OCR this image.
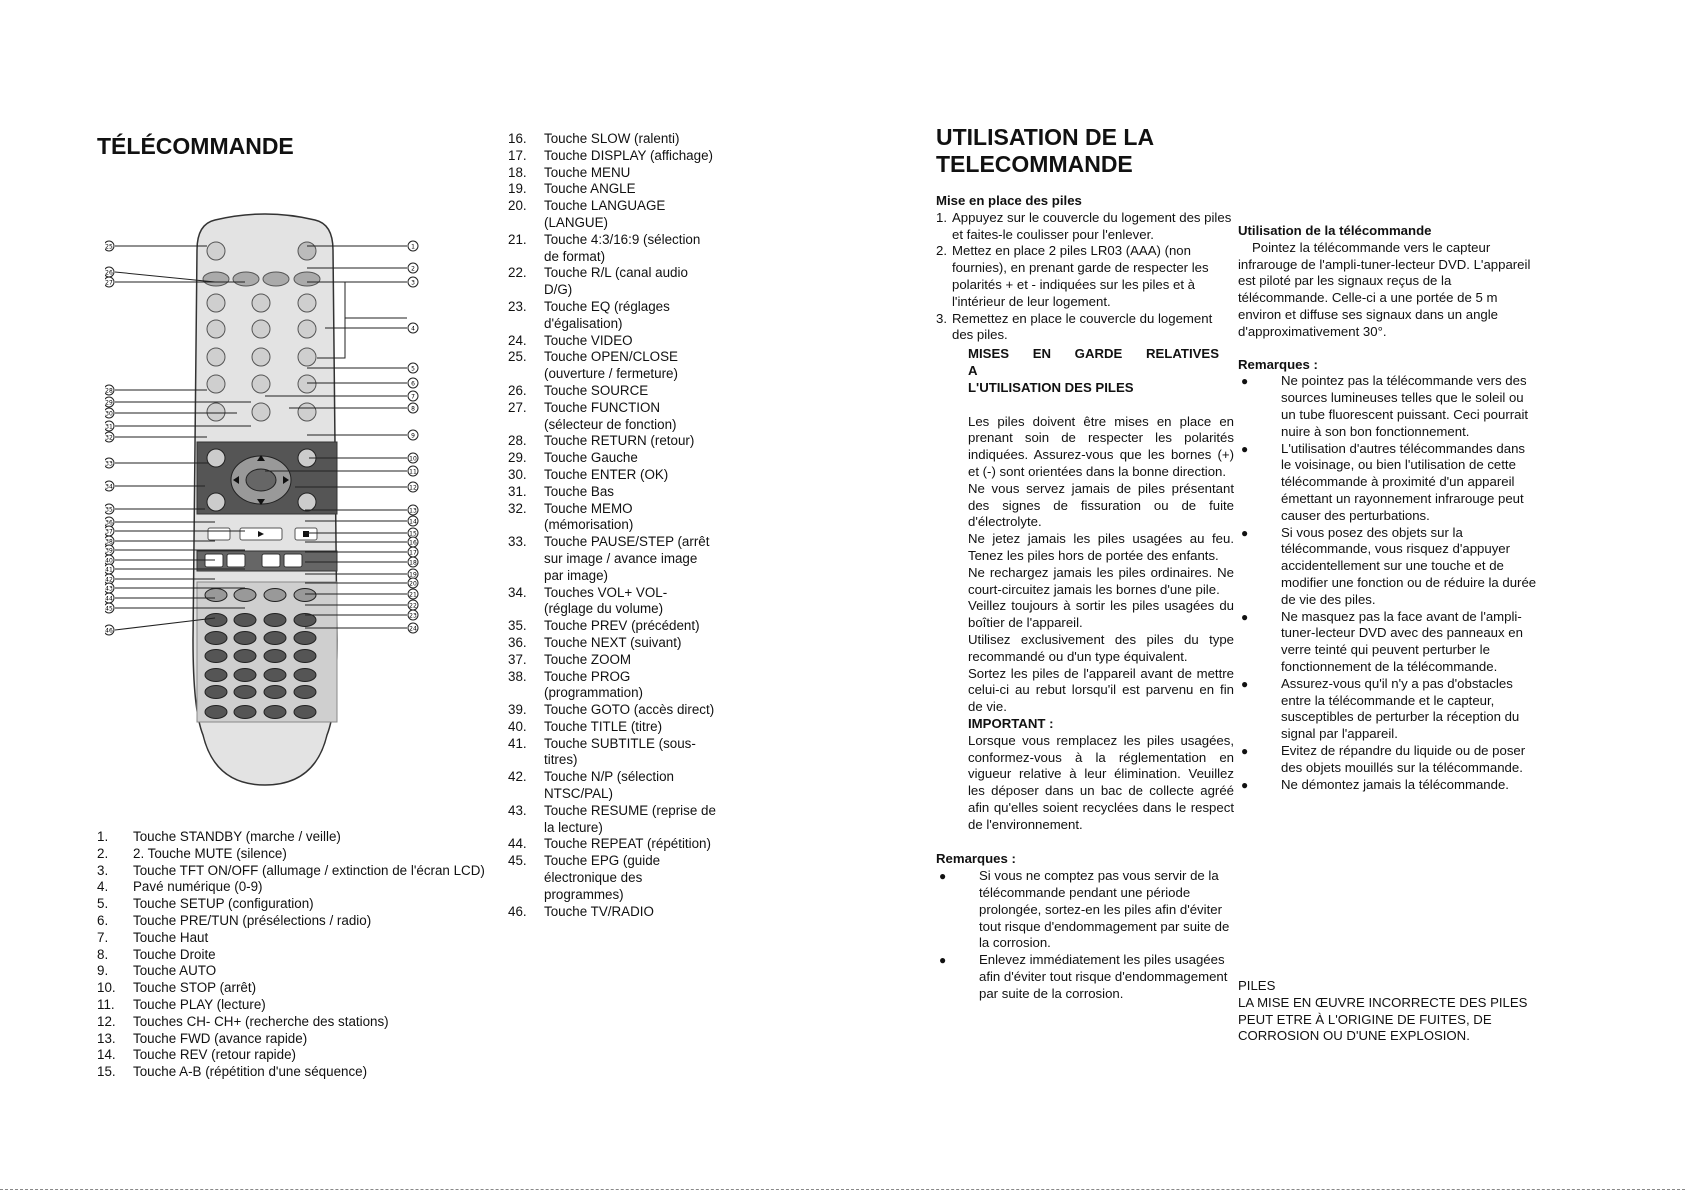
TÉLÉCOMMANDE
25
26
27
28
29
30
31
32
33
34
35
36
37
38
39
40
41
42
43
44
45
46
1
2
3
4
5
6
7
8
9
10
11
12
13
14
15
16
17
18
19
20
21
22
23
24
1.	Touche STANDBY (marche / veille)
2.	2. Touche MUTE (silence)
3.	Touche TFT ON/OFF (allumage / extinction de l'écran LCD)
4.	Pavé numérique (0-9)
5.	Touche SETUP (configuration)
6.	Touche PRE/TUN (présélections / radio)
7.	Touche Haut
8.	Touche Droite
9.	Touche AUTO
10.	Touche STOP (arrêt)
11.	Touche PLAY (lecture)
12.	Touches CH- CH+ (recherche des stations)
13.	Touche FWD (avance rapide)
14.	Touche REV (retour rapide)
15.	Touche A-B (répétition d'une séquence)
16.	Touche SLOW (ralenti)
17.	Touche DISPLAY (affichage)
18.	Touche MENU
19.	Touche ANGLE
20.	Touche LANGUAGE (LANGUE)
21.	Touche 4:3/16:9 (sélection de format)
22.	Touche R/L (canal audio D/G)
23.	Touche EQ (réglages d'égalisation)
24.	Touche VIDEO
25.	Touche OPEN/CLOSE (ouverture / fermeture)
26.	Touche SOURCE
27.	Touche FUNCTION (sélecteur de fonction)
28.	Touche RETURN (retour)
29.	Touche Gauche
30.	Touche ENTER (OK)
31.	Touche Bas
32.	Touche MEMO (mémorisation)
33.	Touche PAUSE/STEP (arrêt sur image / avance image par image)
34.	Touches VOL+ VOL- (réglage du volume)
35.	Touche PREV (précédent)
36.	Touche NEXT (suivant)
37.	Touche ZOOM
38.	Touche PROG (programmation)
39.	Touche GOTO (accès direct)
40.	Touche TITLE (titre)
41.	Touche SUBTITLE (sous-titres)
42.	Touche N/P (sélection NTSC/PAL)
43.	Touche RESUME (reprise de la lecture)
44.	Touche REPEAT (répétition)
45.	Touche EPG (guide électronique des programmes)
46.	Touche TV/RADIO
UTILISATION DE LA
TELECOMMANDE
Mise en place des piles
1. Appuyez sur le couvercle du logement des piles et faites-le coulisser pour l'enlever.
2. Mettez en place 2 piles LR03 (AAA) (non fournies), en prenant garde de respecter les polarités + et - indiquées sur les piles et à l'intérieur de leur logement.
3. Remettez en place le couvercle du logement des piles.
MISES EN GARDE RELATIVES A
L'UTILISATION DES PILES
Les piles doivent être mises en place en prenant soin de respecter les polarités indiquées. Assurez-vous que les bornes (+) et (-) sont orientées dans la bonne direction.
Ne vous servez jamais de piles présentant des signes de fissuration ou de fuite d'électrolyte.
Ne jetez jamais les piles usagées au feu. Tenez les piles hors de portée des enfants.
Ne rechargez jamais les piles ordinaires. Ne court-circuitez jamais les bornes d'une pile.
Veillez toujours à sortir les piles usagées du boîtier de l'appareil.
Utilisez exclusivement des piles du type recommandé ou d'un type équivalent.
Sortez les piles de l'appareil avant de mettre celui-ci au rebut lorsqu'il est parvenu en fin de vie.
IMPORTANT :
Lorsque vous remplacez les piles usagées, conformez-vous à la réglementation en vigueur relative à leur élimination. Veuillez les déposer dans un bac de collecte agréé afin qu'elles soient recyclées dans le respect de l'environnement.
Remarques :
●	Si vous ne comptez pas vous servir de la télécommande pendant une période prolongée, sortez-en les piles afin d'éviter tout risque d'endommagement par suite de la corrosion.
●	Enlevez immédiatement les piles usagées afin d'éviter tout risque d'endommagement par suite de la corrosion.
Utilisation de la télécommande
Pointez la télécommande vers le capteur infrarouge de l'ampli-tuner-lecteur DVD. L'appareil est piloté par les signaux reçus de la télécommande. Celle-ci a une portée de 5 m environ et diffuse ses signaux dans un angle d'approximativement 30°.
Remarques :
●	Ne pointez pas la télécommande vers des sources lumineuses telles que le soleil ou un tube fluorescent puissant. Ceci pourrait nuire à son bon fonctionnement.
●	L'utilisation d'autres télécommandes dans le voisinage, ou bien l'utilisation de cette télécommande à proximité d'un appareil émettant un rayonnement infrarouge peut causer des perturbations.
●	Si vous posez des objets sur la télécommande, vous risquez d'appuyer accidentellement sur une touche et de modifier une fonction ou de réduire la durée de vie des piles.
●	Ne masquez pas la face avant de l'ampli-tuner-lecteur DVD avec des panneaux en verre teinté qui peuvent perturber le fonctionnement de la télécommande.
●	Assurez-vous qu'il n'y a pas d'obstacles entre la télécommande et le capteur, susceptibles de perturber la réception du signal par l'appareil.
●	Evitez de répandre du liquide ou de poser des objets mouillés sur la télécommande.
●	Ne démontez jamais la télécommande.
PILES
LA MISE EN ŒUVRE INCORRECTE DES PILES PEUT ETRE À L'ORIGINE DE FUITES, DE CORROSION OU D'UNE EXPLOSION.
